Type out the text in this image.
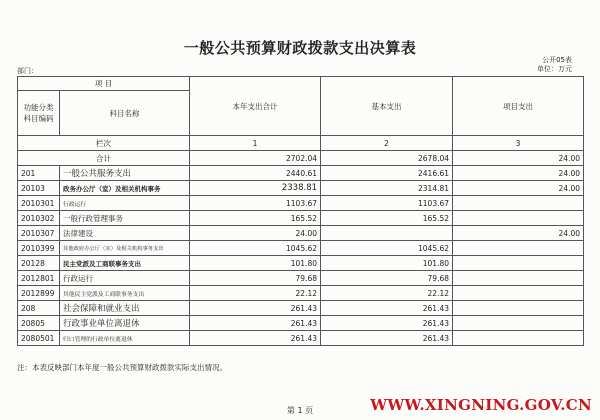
一般公共预算财政拨款支出决算表
公开05表
单位：万元
部门：
项 目		本年支出合计	基本支出	项目支出
功能分类
科目编码	科目名称			

栏次		1	2	3
合计		2702.04	2678.04	24.00
201	一般公共服务支出	2440.61	2416.61	24.00
20103	政务办公厅（室）及相关机构事务	2338.81	2314.81	24.00
2010301	行政运行	1103.67	1103.67	
2010302	一般行政管理事务	165.52	165.52	
2010307	法律建设	24.00		24.00
2010399	其他政府办公厅（室）及相关机构事务支出	1045.62	1045.62	
20128	民主党派及工商联事务支出	101.80	101.80	
2012801	行政运行	79.68	79.68	
2012899	其他民主党派及工商联事务支出	22.12	22.12	
208	社会保障和就业支出	261.43	261.43	
20805	行政事业单位离退休	261.43	261.43	
2080501	归口管理的行政单位离退休	261.43	261.43	
注：本表反映部门本年度一般公共预算财政拨款实际支出情况。
第 1 页	WWW.XINGNING.GOV.CN
